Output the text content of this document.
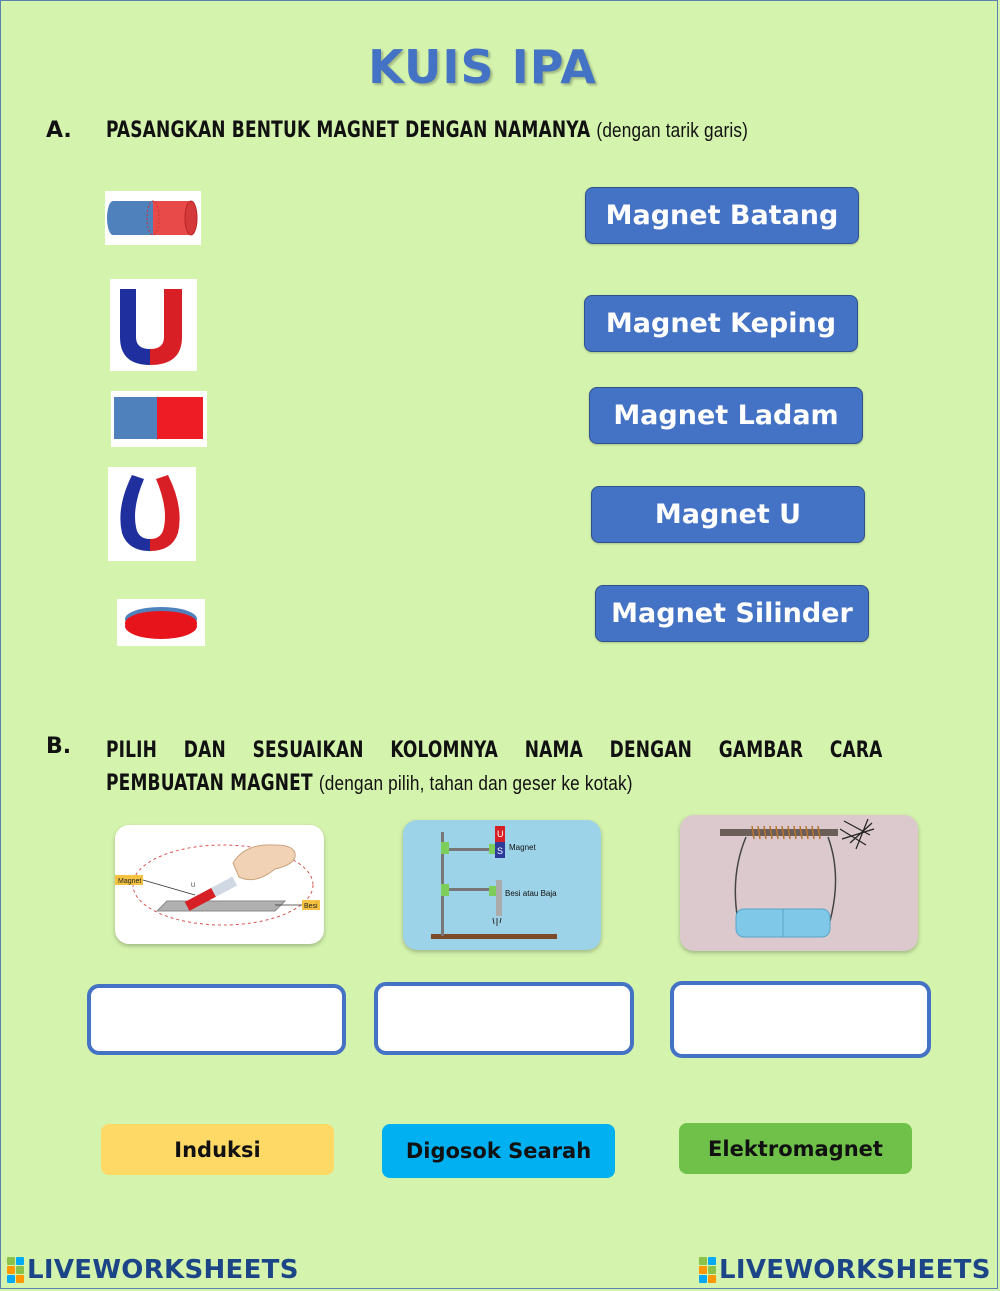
KUIS IPA
A. PASANGKAN BENTUK MAGNET DENGAN NAMANYA (dengan tarik garis)
Magnet Batang
Magnet Keping
Magnet Ladam
Magnet U
Magnet Silinder
B. PILIH DAN SESUAIKAN KOLOMNYA NAMA DENGAN GAMBAR CARA
PEMBUATAN MAGNET (dengan pilih, tahan dan geser ke kotak)
Magnet
Besi
U
U
S Magnet
Besi atau Baja
Induksi	Digosok Searah	Elektromagnet
LIVEWORKSHEETS	LIVEWORKSHEETS
